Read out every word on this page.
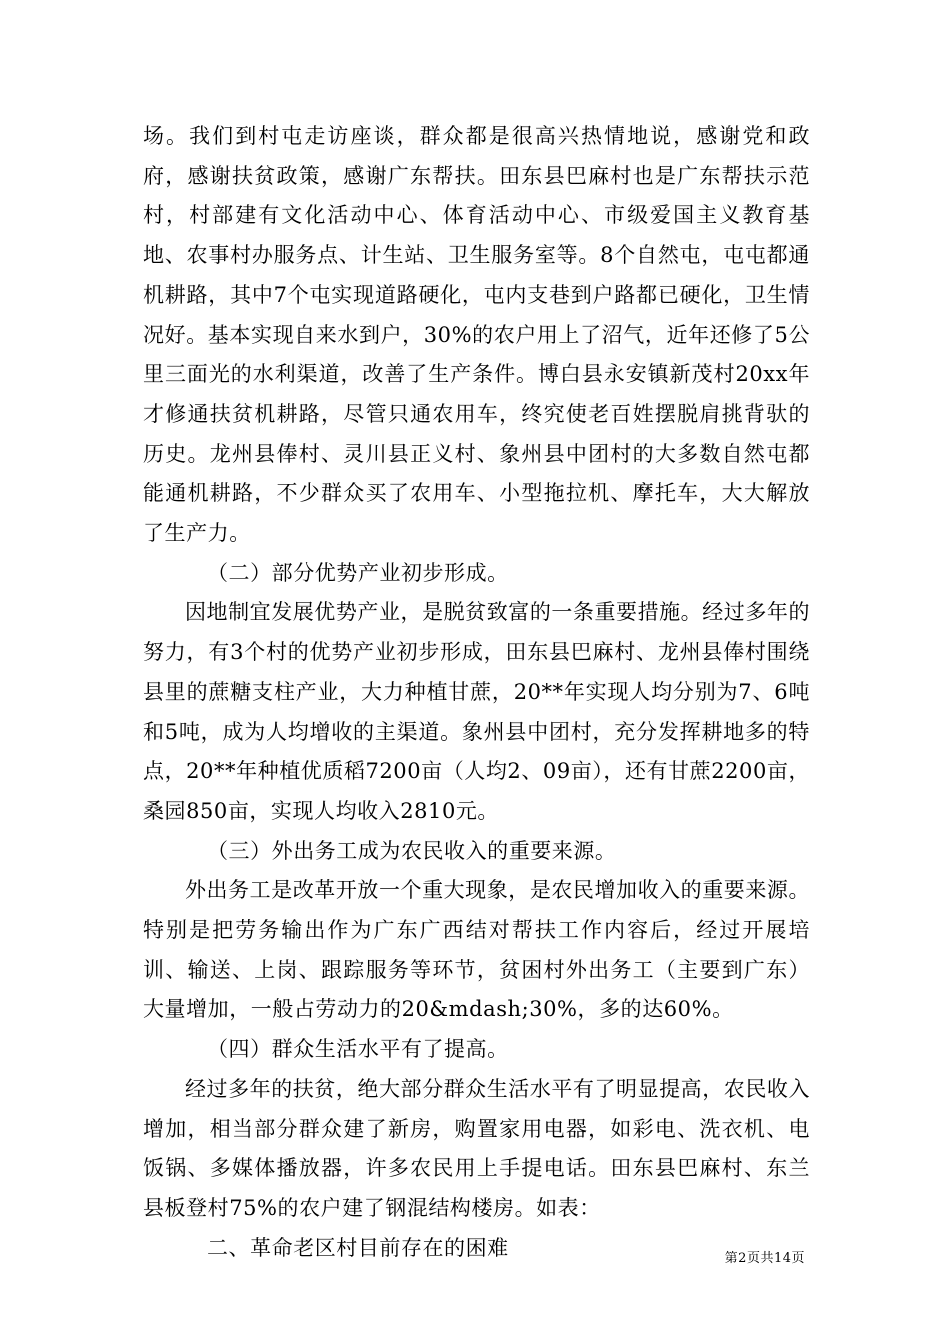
场。我们到村屯走访座谈，群众都是很高兴热情地说，感谢党和政府，感谢扶贫政策，感谢广东帮扶。田东县巴麻村也是广东帮扶示范村，村部建有文化活动中心、体育活动中心、市级爱国主义教育基地、农事村办服务点、计生站、卫生服务室等。8个自然屯，屯屯都通机耕路，其中7个屯实现道路硬化，屯内支巷到户路都已硬化，卫生情况好。基本实现自来水到户，30%的农户用上了沼气，近年还修了5公里三面光的水利渠道，改善了生产条件。博白县永安镇新茂村20xx年才修通扶贫机耕路，尽管只通农用车，终究使老百姓摆脱肩挑背驮的历史。龙州县俸村、灵川县正义村、象州县中团村的大多数自然屯都能通机耕路，不少群众买了农用车、小型拖拉机、摩托车，大大解放了生产力。

（二）部分优势产业初步形成。

因地制宜发展优势产业，是脱贫致富的一条重要措施。经过多年的努力，有3个村的优势产业初步形成，田东县巴麻村、龙州县俸村围绕县里的蔗糖支柱产业，大力种植甘蔗，20**年实现人均分别为7、6吨和5吨，成为人均增收的主渠道。象州县中团村，充分发挥耕地多的特点，20**年种植优质稻7200亩（人均2、09亩），还有甘蔗2200亩，桑园850亩，实现人均收入2810元。

（三）外出务工成为农民收入的重要来源。

外出务工是改革开放一个重大现象，是农民增加收入的重要来源。特别是把劳务输出作为广东广西结对帮扶工作内容后，经过开展培训、输送、上岗、跟踪服务等环节，贫困村外出务工（主要到广东）大量增加，一般占劳动力的20&mdash;30%，多的达60%。

（四）群众生活水平有了提高。

经过多年的扶贫，绝大部分群众生活水平有了明显提高，农民收入增加，相当部分群众建了新房，购置家用电器，如彩电、洗衣机、电饭锅、多媒体播放器，许多农民用上手提电话。田东县巴麻村、东兰县板登村75%的农户建了钢混结构楼房。如表：

二、革命老区村目前存在的困难	第2页共14页
